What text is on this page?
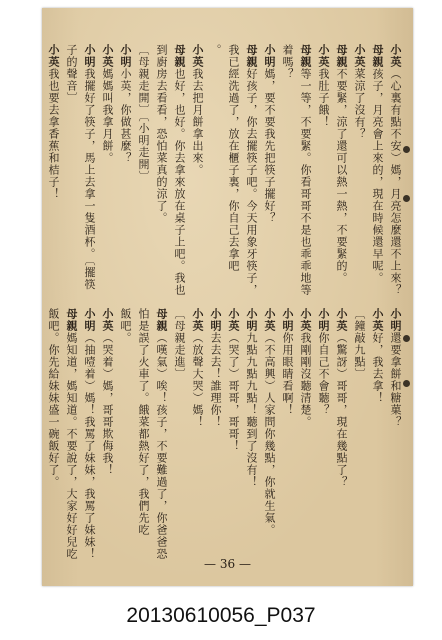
小英（心裏有點不安）媽，月亮怎麼還不上來？
母親孩子，月亮會上來的，現在時候還早呢。
小英菜涼了沒有？
母親不要緊，涼了還可以熱一熱，不要緊的。
小英我肚子餓！
母親等一等，不要緊。你看哥哥不是也乖乖地等
着嗎？
小明媽，要不要我先把筷子擺好？
母親好孩子，你去擺筷子吧。今天用象牙筷子，
我已經洗過了，放在櫃子裏，你自己去拿吧
。
小英我去把月餅拿出來。
母親也好，也好。你去拿來放在桌子上吧。我也
到廚房去看看，恐怕菜真的涼了。
〔母親走開〕〔小明走開〕
小明小英，你做甚麼？
小英媽媽叫我拿月餅。
小明我擺好了筷子，馬上去拿一隻酒杯。〔擺筷
子的聲音〕
小英我也要去拿香蕉和桔子！
小明還要拿餅和糖菓？
小英好，我去拿！
〔鐘敲九點〕
小英（驚訝）哥哥，現在幾點了？
小明你自己不會聽？
小英我剛剛沒聽清楚。
小明你用眼睛看啊！
小英（不高興）人家問你幾點，你就生氣。
小明九點九點九點！聽到了沒有！
小英（哭了）哥哥，哥哥！
小明去去去！誰理你！
小英（放聲大哭）媽！
〔母親走進〕
母親（嘆氣）唉！孩子，不要難過了，你爸爸恐
怕是誤了火車了。餓菜都熱好了，我們先吃
飯吧。
小英（哭着）媽，哥哥欺侮我！
小明（抽噎着）媽！我罵了妹妹，我罵了妹妹！
母親媽知道，媽知道。不要說了，大家好好兒吃
飯吧。你先給妹妹盛一碗飯好了。
— 36 —
20130610056_P037
